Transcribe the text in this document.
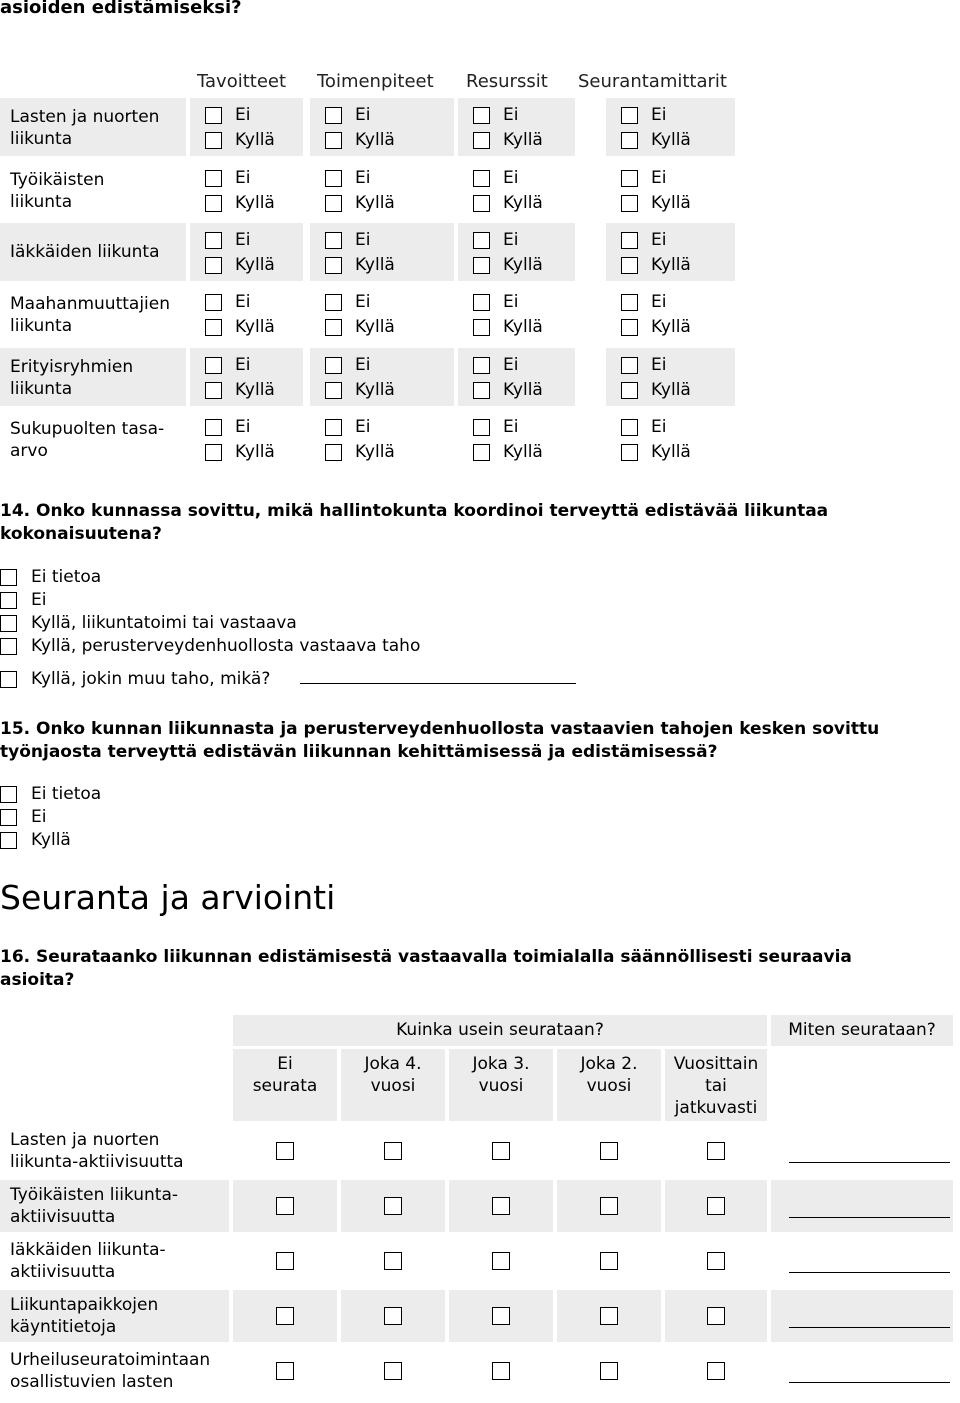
asioiden edistämiseksi?
Tavoitteet Toimenpiteet Resurssit Seurantamittarit
Lasten ja nuorten
liikunta
Ei
Kyllä
Ei
Kyllä
Ei
Kyllä
Ei
Kyllä
Työikäisten
liikunta
Ei
Kyllä
Ei
Kyllä
Ei
Kyllä
Ei
Kyllä
Iäkkäiden liikunta
Ei
Kyllä
Ei
Kyllä
Ei
Kyllä
Ei
Kyllä
Maahanmuuttajien
liikunta
Ei
Kyllä
Ei
Kyllä
Ei
Kyllä
Ei
Kyllä
Erityisryhmien
liikunta
Ei
Kyllä
Ei
Kyllä
Ei
Kyllä
Ei
Kyllä
Sukupuolten tasa-
arvo
Ei
Kyllä
Ei
Kyllä
Ei
Kyllä
Ei
Kyllä
14. Onko kunnassa sovittu, mikä hallintokunta koordinoi terveyttä edistävää liikuntaa
kokonaisuutena?
Ei tietoa
Ei
Kyllä, liikuntatoimi tai vastaava
Kyllä, perusterveydenhuollosta vastaava taho
Kyllä, jokin muu taho, mikä?
15. Onko kunnan liikunnasta ja perusterveydenhuollosta vastaavien tahojen kesken sovittu
työnjaosta terveyttä edistävän liikunnan kehittämisessä ja edistämisessä?
Ei tietoa
Ei
Kyllä
Seuranta ja arviointi
16. Seurataanko liikunnan edistämisestä vastaavalla toimialalla säännöllisesti seuraavia
asioita?
Kuinka usein seurataan?	Miten seurataan?
Ei
seurata
Joka 4.
vuosi
Joka 3.
vuosi
Joka 2.
vuosi
Vuosittain
tai
jatkuvasti
Lasten ja nuorten
liikunta-aktiivisuutta
Työikäisten liikunta-
aktiivisuutta
Iäkkäiden liikunta-
aktiivisuutta
Liikuntapaikkojen
käyntitietoja
Urheiluseuratoimintaan
osallistuvien lasten
